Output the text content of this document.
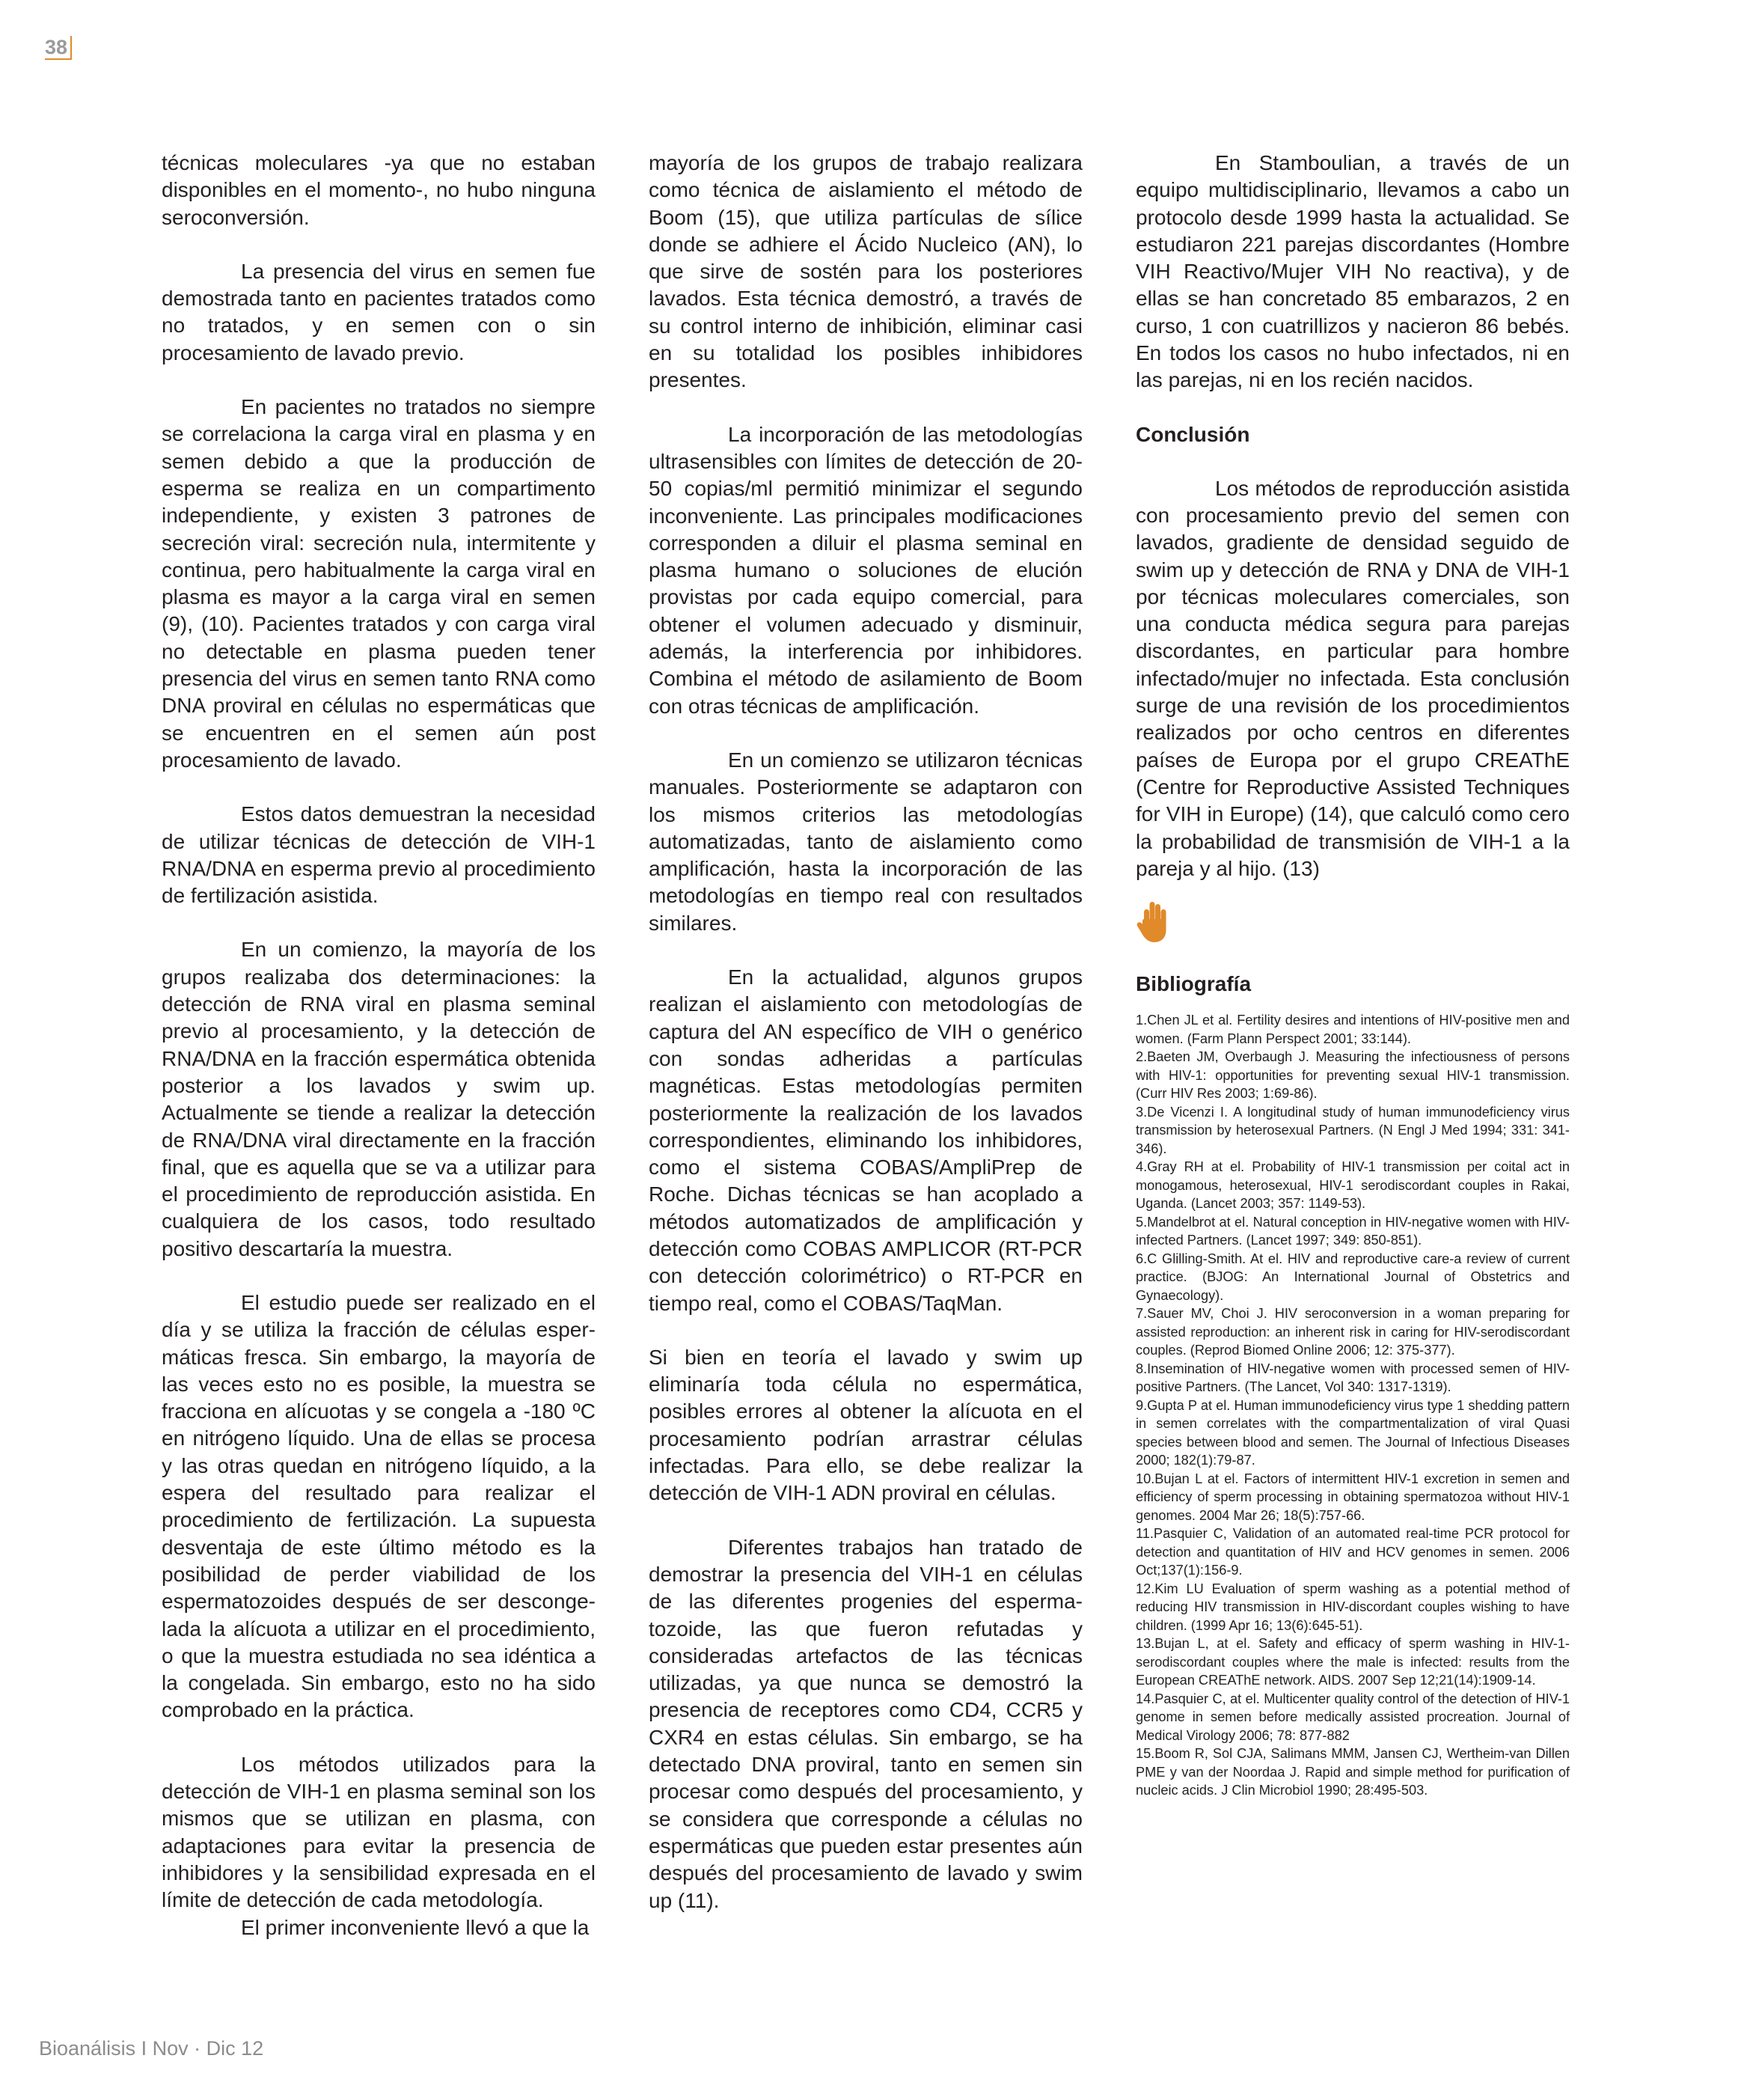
38

técnicas moleculares -ya que no estaban disponibles en el momento-, no hubo ninguna seroconversión.

La presencia del virus en semen fue demostrada tanto en pacientes tratados como no tratados, y en semen con o sin procesamiento de lavado previo.

En pacientes no tratados no siempre se correlaciona la carga viral en plasma y en semen debido a que la producción de esperma se realiza en un compartimento independiente, y existen 3 patrones de secreción viral: secreción nula, intermitente y continua, pero habitualmente la carga viral en plasma es mayor a la carga viral en semen (9), (10). Pacientes tratados y con carga viral no detectable en plasma pueden tener presencia del virus en semen tanto RNA como DNA proviral en células no espermáticas que se encuentren en el semen aún post procesamiento de lavado.

Estos datos demuestran la necesidad de utilizar técnicas de detección de VIH-1 RNA/DNA en esperma previo al procedimiento de fertilización asistida.

En un comienzo, la mayoría de los grupos realizaba dos determinaciones: la detección de RNA viral en plasma seminal previo al procesamiento, y la detección de RNA/DNA en la fracción espermática obtenida posterior a los lavados y swim up. Actualmente se tiende a realizar la detección de RNA/DNA viral directamente en la fracción final, que es aquella que se va a utilizar para el procedimiento de reproducción asistida. En cualquiera de los casos, todo resultado positivo descartaría la muestra.

El estudio puede ser realizado en el día y se utiliza la fracción de células espermáticas fresca. Sin embargo, la mayoría de las veces esto no es posible, la muestra se fracciona en alícuotas y se congela a -180 ºC en nitrógeno líquido. Una de ellas se procesa y las otras quedan en nitrógeno líquido, a la espera del resultado para realizar el procedimiento de fertilización. La supuesta desventaja de este último método es la posibilidad de perder viabilidad de los espermatozoides después de ser descongelada la alícuota a utilizar en el procedimiento, o que la muestra estudiada no sea idéntica a la congelada. Sin embargo, esto no ha sido comprobado en la práctica.

Los métodos utilizados para la detección de VIH-1 en plasma seminal son los mismos que se utilizan en plasma, con adaptaciones para evitar la presencia de inhibidores y la sensibilidad expresada en el límite de detección de cada metodología.

El primer inconveniente llevó a que la

mayoría de los grupos de trabajo realizara como técnica de aislamiento el método de Boom (15), que utiliza partículas de sílice donde se adhiere el Ácido Nucleico (AN), lo que sirve de sostén para los posteriores lavados. Esta técnica demostró, a través de su control interno de inhibición, eliminar casi en su totalidad los posibles inhibidores presentes.

La incorporación de las metodologías ultrasensibles con límites de detección de 20-50 copias/ml permitió minimizar el segundo inconveniente. Las principales modificaciones corresponden a diluir el plasma seminal en plasma humano o soluciones de elución provistas por cada equipo comercial, para obtener el volumen adecuado y disminuir, además, la interferencia por inhibidores. Combina el método de asilamiento de Boom con otras técnicas de amplificación.

En un comienzo se utilizaron técnicas manuales. Posteriormente se adaptaron con los mismos criterios las metodologías automatizadas, tanto de aislamiento como amplificación, hasta la incorporación de las metodologías en tiempo real con resultados similares.

En la actualidad, algunos grupos realizan el aislamiento con metodologías de captura del AN específico de VIH o genérico con sondas adheridas a partículas magnéticas. Estas metodologías permiten posteriormente la realización de los lavados correspondientes, eliminando los inhibidores, como el sistema COBAS/AmpliPrep de Roche. Dichas técnicas se han acoplado a métodos automatizados de amplificación y detección como COBAS AMPLICOR (RT-PCR con detección colorimétrico) o RT-PCR en tiempo real, como el COBAS/TaqMan.

Si bien en teoría el lavado y swim up eliminaría toda célula no espermática, posibles errores al obtener la alícuota en el procesamiento podrían arrastrar células infectadas. Para ello, se debe realizar la detección de VIH-1 ADN proviral en células.

Diferentes trabajos han tratado de demostrar la presencia del VIH-1 en células de las diferentes progenies del espermatozoide, las que fueron refutadas y consideradas artefactos de las técnicas utilizadas, ya que nunca se demostró la presencia de receptores como CD4, CCR5 y CXR4 en estas células. Sin embargo, se ha detectado DNA proviral, tanto en semen sin procesar como después del procesamiento, y se considera que corresponde a células no espermáticas que pueden estar presentes aún después del procesamiento de lavado y swim up (11).

En Stamboulian, a través de un equipo multidisciplinario, llevamos a cabo un protocolo desde 1999 hasta la actualidad. Se estudiaron 221 parejas discordantes (Hombre VIH Reactivo/Mujer VIH No reactiva), y de ellas se han concretado 85 embarazos, 2 en curso, 1 con cuatrillizos y nacieron 86 bebés. En todos los casos no hubo infectados, ni en las parejas, ni en los recién nacidos.

Conclusión

Los métodos de reproducción asistida con procesamiento previo del semen con lavados, gradiente de densidad seguido de swim up y detección de RNA y DNA de VIH-1 por técnicas moleculares comerciales, son una conducta médica segura para parejas discordantes, en particular para hombre infectado/mujer no infectada. Esta conclusión surge de una revisión de los procedimientos realizados por ocho centros en diferentes países de Europa por el grupo CREAThE (Centre for Reproductive Assisted Techniques for VIH in Europe) (14), que calculó como cero la probabilidad de transmisión de VIH-1 a la pareja y al hijo. (13)

Bibliografía
1.Chen JL et al. Fertility desires and intentions of HIV-positive men and women. (Farm Plann Perspect 2001; 33:144).
2.Baeten JM, Overbaugh J. Measuring the infectiousness of persons with HIV-1: opportunities for preventing sexual HIV-1 transmission. (Curr HIV Res 2003; 1:69-86).
3.De Vicenzi I. A longitudinal study of human immunodeficiency virus transmission by heterosexual Partners. (N Engl J Med 1994; 331: 341-346).
4.Gray RH at el. Probability of HIV-1 transmission per coital act in monogamous, heterosexual, HIV-1 serodiscordant couples in Rakai, Uganda. (Lancet 2003; 357: 1149-53).
5.Mandelbrot at el. Natural conception in HIV-negative women with HIV-infected Partners. (Lancet 1997; 349: 850-851).
6.C Glilling-Smith. At el. HIV and reproductive care-a review of current practice. (BJOG: An International Journal of Obstetrics and Gynaecology).
7.Sauer MV, Choi J. HIV seroconversion in a woman preparing for assisted reproduction: an inherent risk in caring for HIV-serodiscordant couples. (Reprod Biomed Online 2006; 12: 375-377).
8.Insemination of HIV-negative women with processed semen of HIV-positive Partners. (The Lancet, Vol 340: 1317-1319).
9.Gupta P at el. Human immunodeficiency virus type 1 shedding pattern in semen correlates with the compartmentalization of viral Quasi species between blood and semen. The Journal of Infectious Diseases 2000; 182(1):79-87.
10.Bujan L at el. Factors of intermittent HIV-1 excretion in semen and efficiency of sperm processing in obtaining spermatozoa without HIV-1 genomes. 2004 Mar 26; 18(5):757-66.
11.Pasquier C, Validation of an automated real-time PCR protocol for detection and quantitation of HIV and HCV genomes in semen. 2006 Oct;137(1):156-9.
12.Kim LU Evaluation of sperm washing as a potential method of reducing HIV transmission in HIV-discordant couples wishing to have children. (1999 Apr 16; 13(6):645-51).
13.Bujan L, at el. Safety and efficacy of sperm washing in HIV-1-serodiscordant couples where the male is infected: results from the European CREAThE network. AIDS. 2007 Sep 12;21(14):1909-14.
14.Pasquier C, at el. Multicenter quality control of the detection of HIV-1 genome in semen before medically assisted procreation. Journal of Medical Virology 2006; 78: 877-882
15.Boom R, Sol CJA, Salimans MMM, Jansen CJ, Wertheim-van Dillen PME y van der Noordaa J. Rapid and simple method for purification of nucleic acids. J Clin Microbiol 1990; 28:495-503.
Bioanálisis I Nov · Dic 12
